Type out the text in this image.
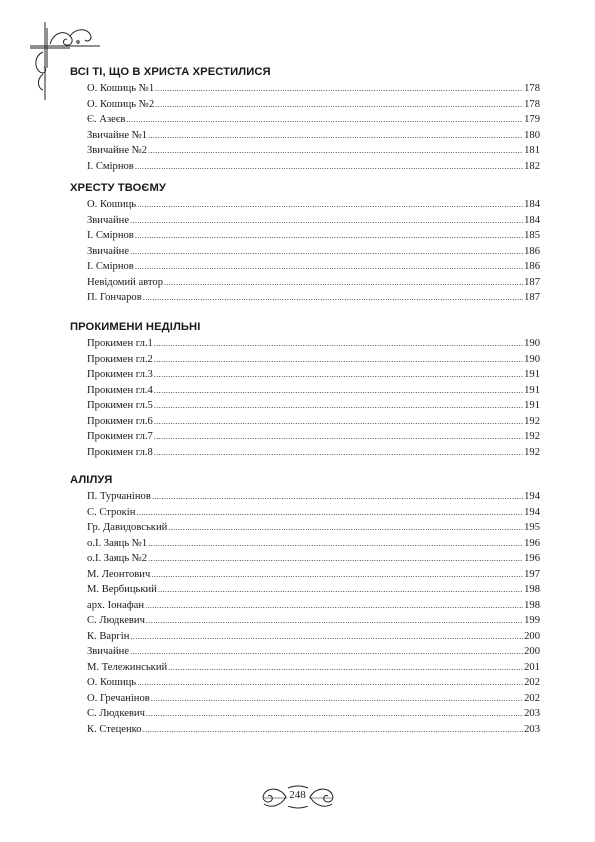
ВСІ ТІ, ЩО В ХРИСТА ХРЕСТИЛИСЯ
О. Кошиць №1 .....	178
О. Кошиць №2 .....	178
Є. Азеєв .....	179
Звичайне №1 .....	180
Звичайне №2 .....	181
І. Смірнов .....	182
ХРЕСТУ ТВОЄМУ
О. Кошиць .....	184
Звичайне .....	184
І. Смірнов .....	185
Звичайне .....	186
І. Смірнов .....	186
Невідомий автор .....	187
П. Гончаров .....	187
ПРОКИМЕНИ НЕДІЛЬНІ
Прокимен гл.1 .....	190
Прокимен гл.2 .....	190
Прокимен гл.3 .....	191
Прокимен гл.4 .....	191
Прокимен гл.5 .....	191
Прокимен гл.6 .....	192
Прокимен гл.7 .....	192
Прокимен гл.8 .....	192
АЛІЛУЯ
П. Турчанінов .....	194
С. Строкін .....	194
Гр. Давидовський .....	195
о.І. Заяць №1 .....	196
о.І. Заяць №2 .....	196
М. Леонтович .....	197
М. Вербицький .....	198
арх. Іонафан .....	198
С. Людкевич .....	199
К. Варгін .....	200
Звичайне .....	200
М. Тележинський .....	201
О. Кошиць .....	202
О. Гречанінов .....	202
С. Людкевич .....	203
К. Стеценко .....	203
248
